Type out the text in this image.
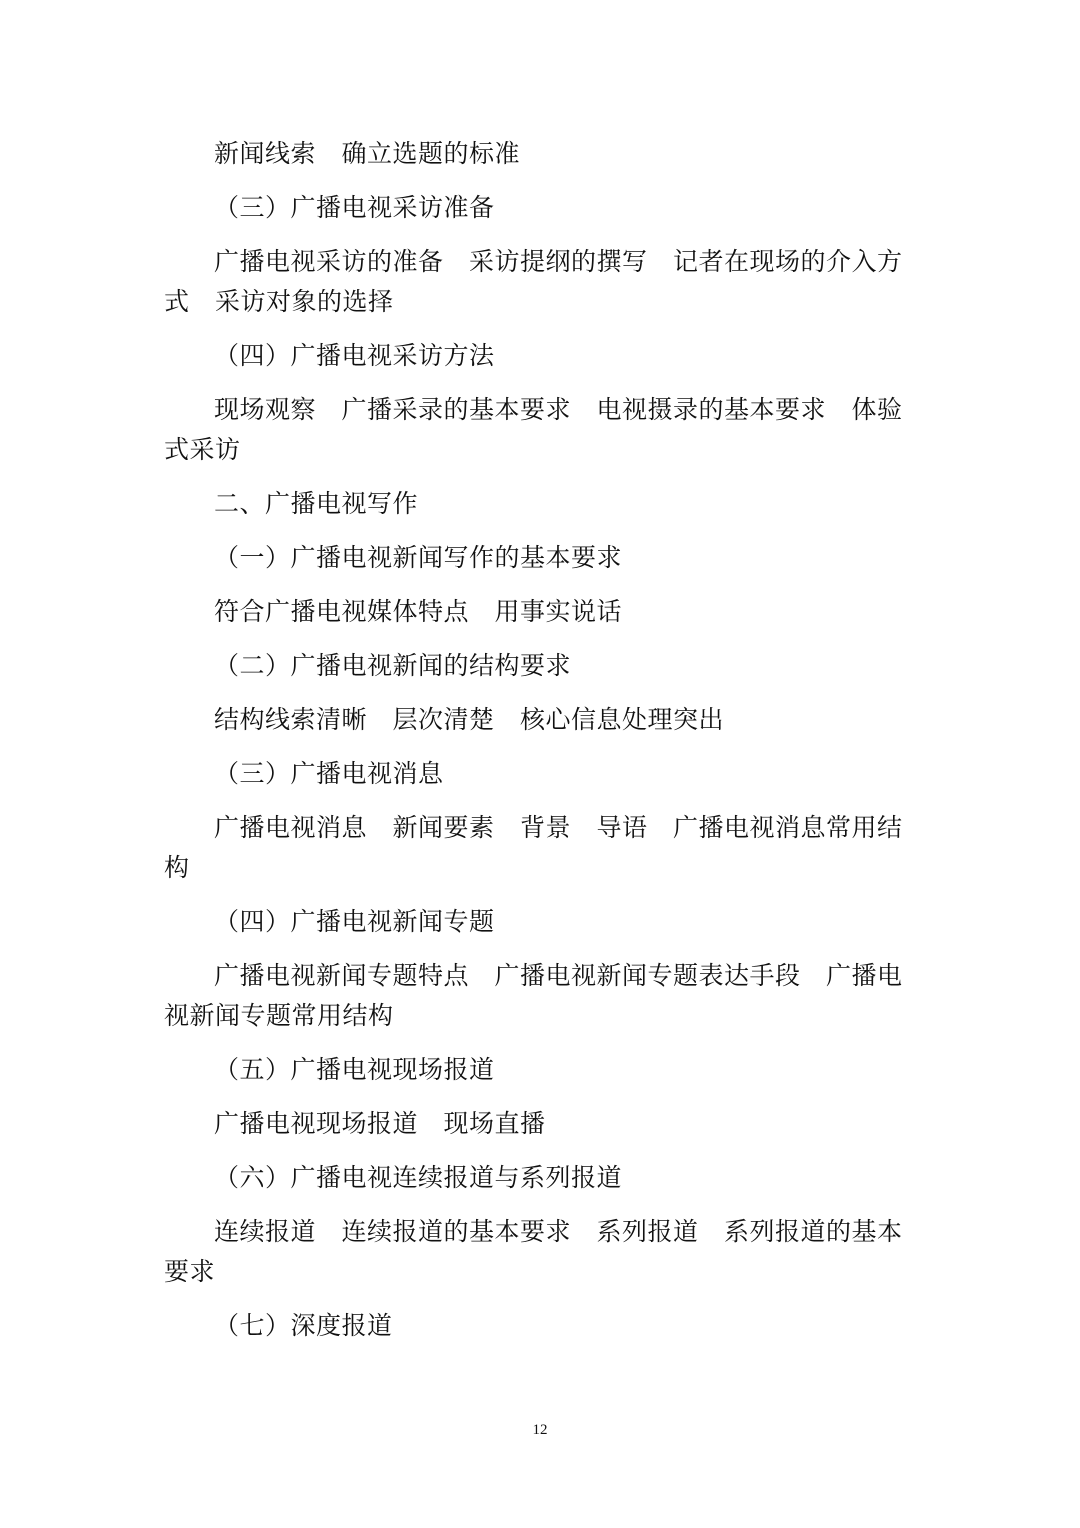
新闻线索　确立选题的标准
（三）广播电视采访准备
广播电视采访的准备　采访提纲的撰写　记者在现场的介入方
式　采访对象的选择
（四）广播电视采访方法
现场观察　广播采录的基本要求　电视摄录的基本要求　体验
式采访
二、广播电视写作
（一）广播电视新闻写作的基本要求
符合广播电视媒体特点　用事实说话
（二）广播电视新闻的结构要求
结构线索清晰　层次清楚　核心信息处理突出
（三）广播电视消息
广播电视消息　新闻要素　背景　导语　广播电视消息常用结
构
（四）广播电视新闻专题
广播电视新闻专题特点　广播电视新闻专题表达手段　广播电
视新闻专题常用结构
（五）广播电视现场报道
广播电视现场报道　现场直播
（六）广播电视连续报道与系列报道
连续报道　连续报道的基本要求　系列报道　系列报道的基本
要求
（七）深度报道
12
